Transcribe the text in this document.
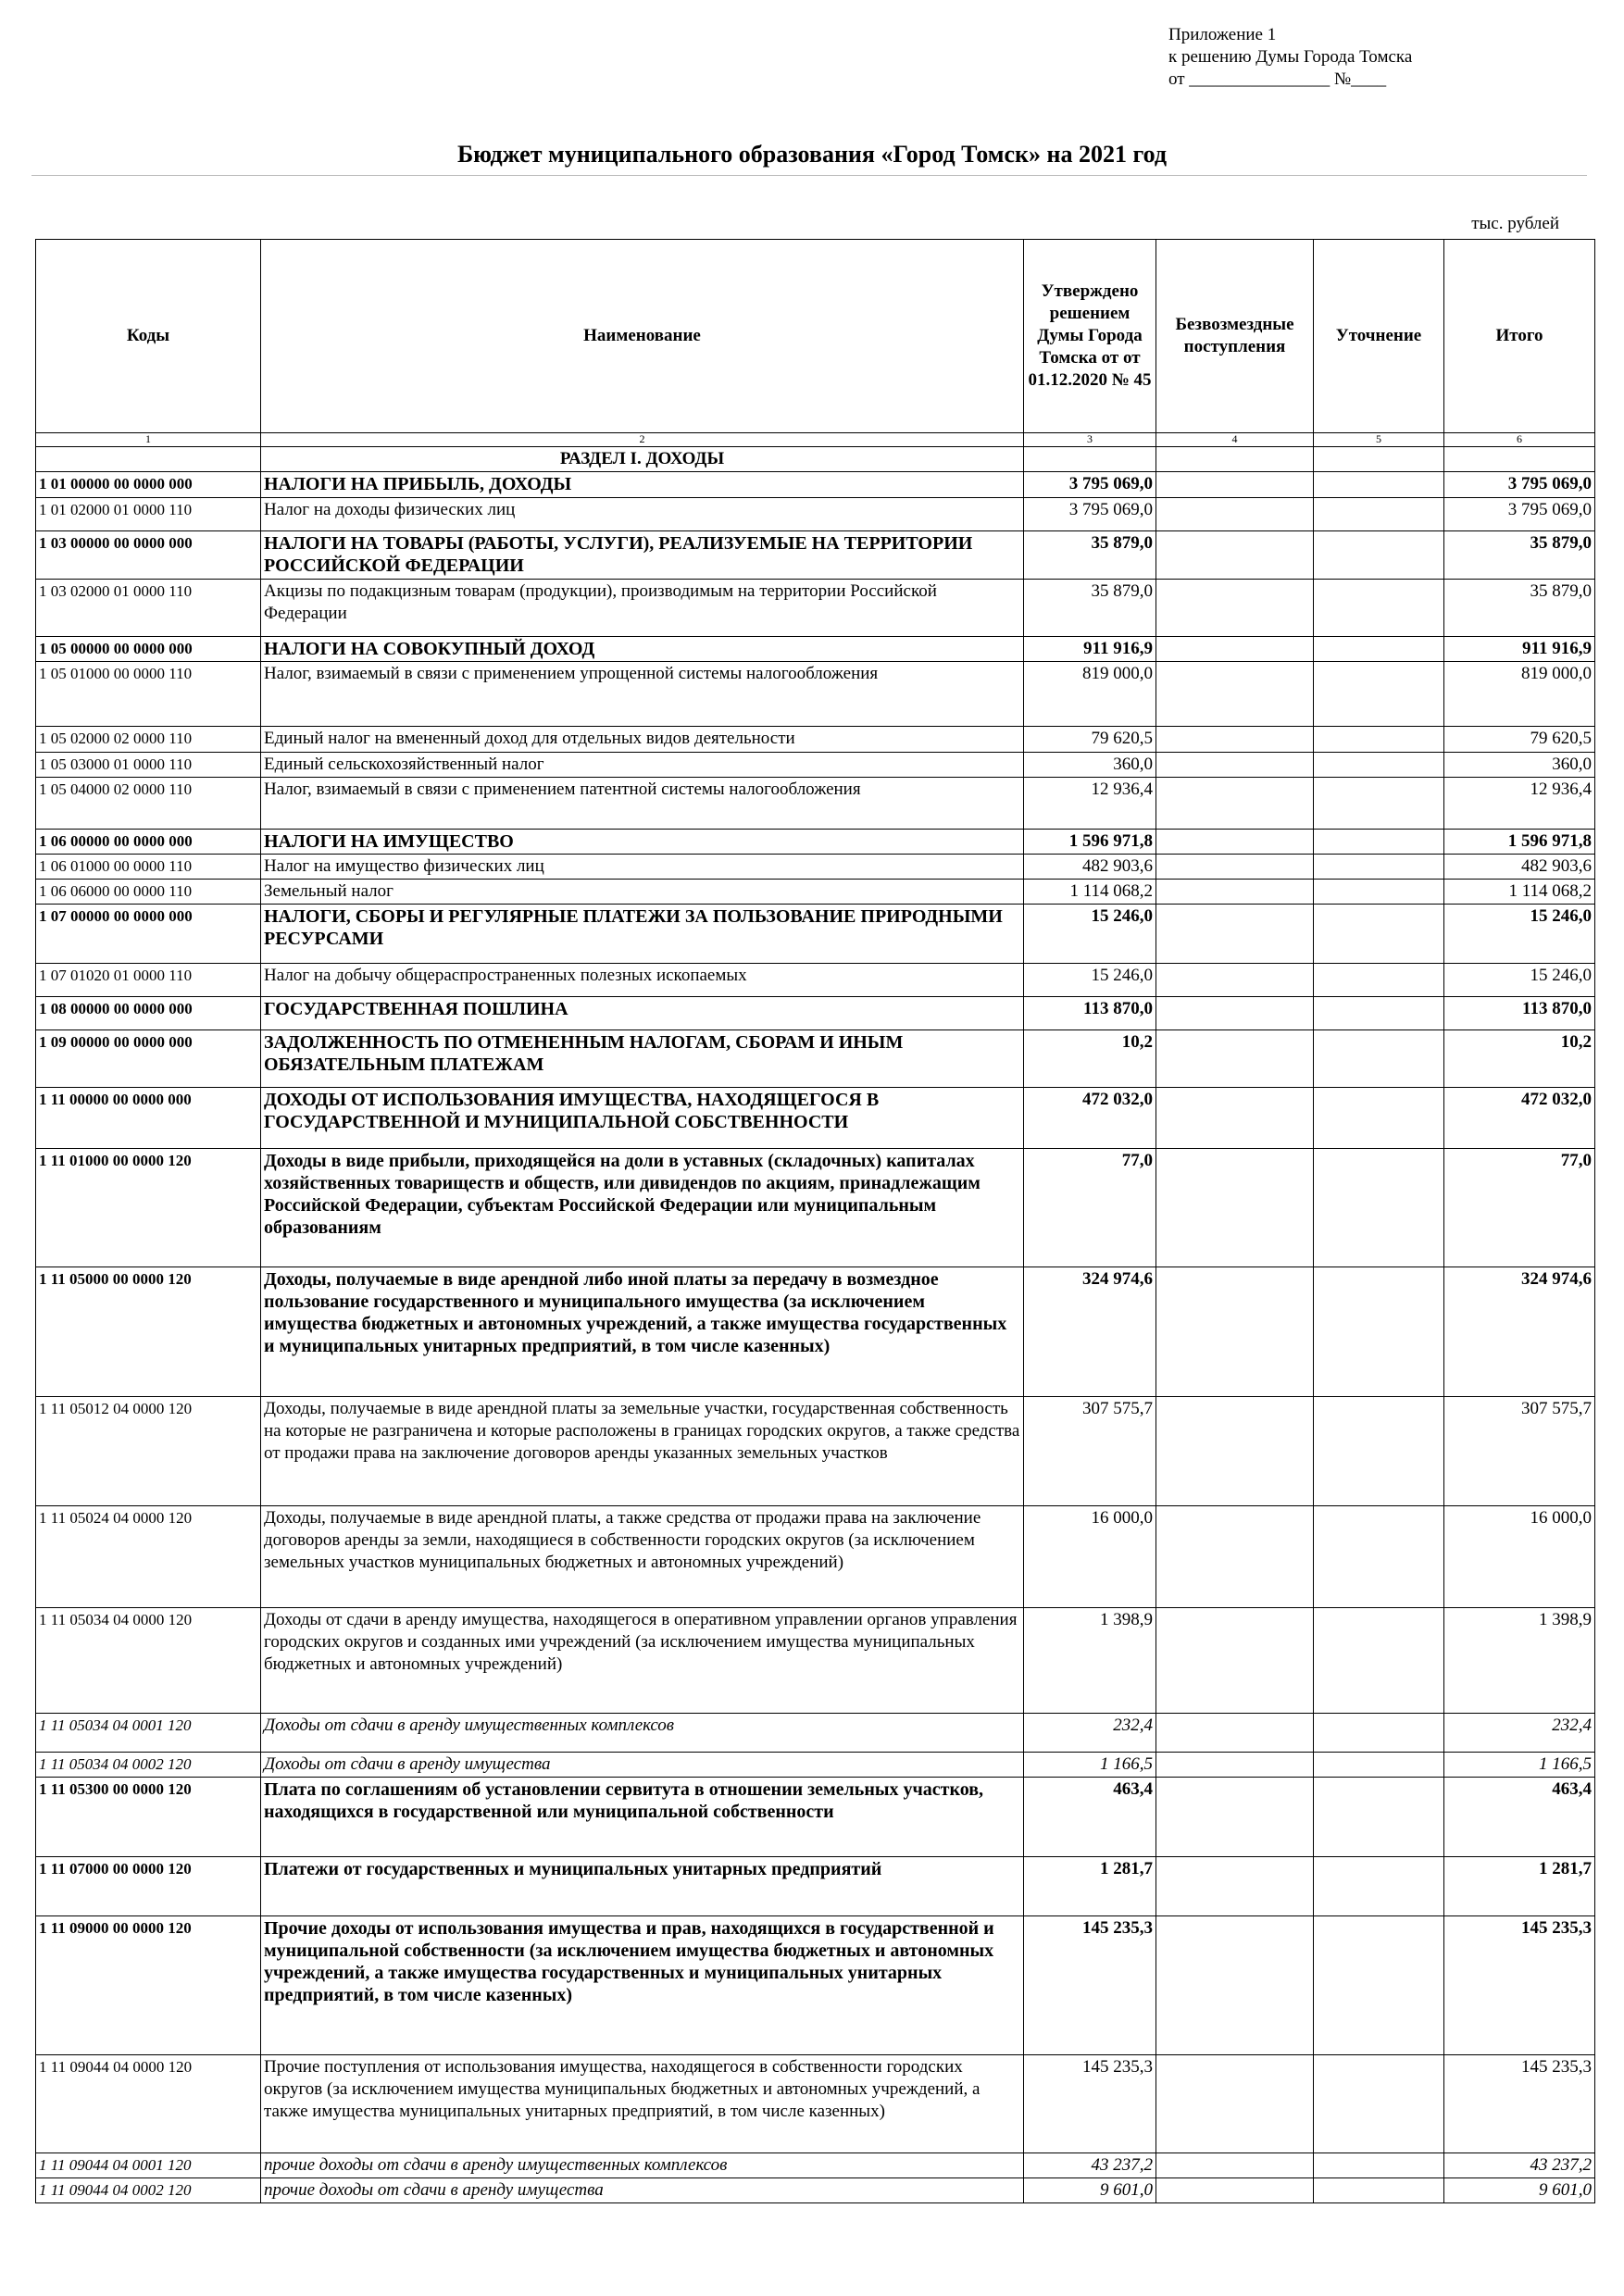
Приложение 1
к решению Думы Города Томска
от ________________ №____
Бюджет муниципального образования «Город Томск» на 2021 год
тыс. рублей
Коды	Наименование	Утверждено решением Думы Города Томска от от 01.12.2020 № 45	Безвозмездные поступления	Уточнение	Итого
1	2	3	4	5	6
	РАЗДЕЛ I. ДОХОДЫ				
1 01 00000 00 0000 000	НАЛОГИ НА ПРИБЫЛЬ, ДОХОДЫ	3 795 069,0			3 795 069,0
1 01 02000 01 0000 110	Налог на доходы физических лиц	3 795 069,0			3 795 069,0
1 03 00000 00 0000 000	НАЛОГИ НА ТОВАРЫ (РАБОТЫ, УСЛУГИ), РЕАЛИЗУЕМЫЕ НА ТЕРРИТОРИИ РОССИЙСКОЙ ФЕДЕРАЦИИ	35 879,0			35 879,0
1 03 02000 01 0000 110	Акцизы по подакцизным товарам (продукции), производимым на территории Российской Федерации	35 879,0			35 879,0
1 05 00000 00 0000 000	НАЛОГИ НА СОВОКУПНЫЙ ДОХОД	911 916,9			911 916,9
1 05 01000 00 0000 110	Налог, взимаемый в связи с применением упрощенной системы налогообложения	819 000,0			819 000,0
1 05 02000 02 0000 110	Единый налог на вмененный доход для отдельных видов деятельности	79 620,5			79 620,5
1 05 03000 01 0000 110	Единый сельскохозяйственный налог	360,0			360,0
1 05 04000 02 0000 110	Налог, взимаемый в связи с применением патентной системы налогообложения	12 936,4			12 936,4
1 06 00000 00 0000 000	НАЛОГИ НА ИМУЩЕСТВО	1 596 971,8			1 596 971,8
1 06 01000 00 0000 110	Налог на имущество физических лиц	482 903,6			482 903,6
1 06 06000 00 0000 110	Земельный налог	1 114 068,2			1 114 068,2
1 07 00000 00 0000 000	НАЛОГИ, СБОРЫ И РЕГУЛЯРНЫЕ ПЛАТЕЖИ ЗА ПОЛЬЗОВАНИЕ ПРИРОДНЫМИ РЕСУРСАМИ	15 246,0			15 246,0
1 07 01020 01 0000 110	Налог на добычу общераспространенных полезных ископаемых	15 246,0			15 246,0
1 08 00000 00 0000 000	ГОСУДАРСТВЕННАЯ ПОШЛИНА	113 870,0			113 870,0
1 09 00000 00 0000 000	ЗАДОЛЖЕННОСТЬ ПО ОТМЕНЕННЫМ НАЛОГАМ, СБОРАМ И ИНЫМ ОБЯЗАТЕЛЬНЫМ ПЛАТЕЖАМ	10,2			10,2
1 11 00000 00 0000 000	ДОХОДЫ ОТ ИСПОЛЬЗОВАНИЯ ИМУЩЕСТВА, НАХОДЯЩЕГОСЯ В ГОСУДАРСТВЕННОЙ И МУНИЦИПАЛЬНОЙ СОБСТВЕННОСТИ	472 032,0			472 032,0
1 11 01000 00 0000 120	Доходы в виде прибыли, приходящейся на доли в уставных (складочных) капиталах хозяйственных товариществ и обществ, или дивидендов по акциям, принадлежащим Российской Федерации, субъектам Российской Федерации или муниципальным образованиям	77,0			77,0
1 11 05000 00 0000 120	Доходы, получаемые в виде арендной либо иной платы за передачу в возмездное пользование государственного и муниципального имущества (за исключением имущества бюджетных и автономных учреждений, а также имущества государственных и муниципальных унитарных предприятий, в том числе казенных)	324 974,6			324 974,6
1 11 05012 04 0000 120	Доходы, получаемые в виде арендной платы за земельные участки, государственная собственность на которые не разграничена и которые расположены в границах городских округов, а также средства от продажи права на заключение договоров аренды указанных земельных участков	307 575,7			307 575,7
1 11 05024 04 0000 120	Доходы, получаемые в виде арендной платы, а также средства от продажи права на заключение договоров аренды за земли, находящиеся в собственности городских округов (за исключением земельных участков муниципальных бюджетных и автономных учреждений)	16 000,0			16 000,0
1 11 05034 04 0000 120	Доходы от сдачи в аренду имущества, находящегося в оперативном управлении органов управления городских округов и созданных ими учреждений (за исключением имущества муниципальных бюджетных и автономных учреждений)	1 398,9			1 398,9
1 11 05034 04 0001 120	Доходы от сдачи в аренду имущественных комплексов	232,4			232,4
1 11 05034 04 0002 120	Доходы от сдачи в аренду имущества	1 166,5			1 166,5
1 11 05300 00 0000 120	Плата по соглашениям об установлении сервитута в отношении земельных участков, находящихся в государственной или муниципальной собственности	463,4			463,4
1 11 07000 00 0000 120	Платежи от государственных и муниципальных унитарных предприятий	1 281,7			1 281,7
1 11 09000 00 0000 120	Прочие доходы от использования имущества и прав, находящихся в государственной и муниципальной собственности (за исключением имущества бюджетных и автономных учреждений, а также имущества государственных и муниципальных унитарных предприятий, в том числе казенных)	145 235,3			145 235,3
1 11 09044 04 0000 120	Прочие поступления от использования имущества, находящегося в собственности городских округов (за исключением имущества муниципальных бюджетных и автономных учреждений, а также имущества муниципальных унитарных предприятий, в том числе казенных)	145 235,3			145 235,3
1 11 09044 04 0001 120	прочие доходы от сдачи в аренду имущественных комплексов	43 237,2			43 237,2
1 11 09044 04 0002 120	прочие доходы от сдачи в аренду имущества	9 601,0			9 601,0
